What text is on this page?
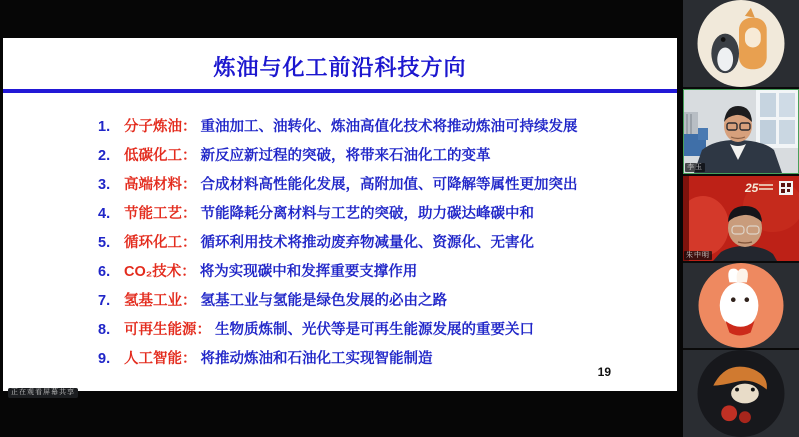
炼油与化工前沿科技方向
1. 分子炼油： 重油加工、油转化、炼油高值化技术将推动炼油可持续发展
2. 低碳化工： 新反应新过程的突破，将带来石油化工的变革
3. 高端材料： 合成材料高性能化发展，高附加值、可降解等属性更加突出
4. 节能工艺： 节能降耗分离材料与工艺的突破，助力碳达峰碳中和
5. 循环化工： 循环利用技术将推动废弃物减量化、资源化、无害化
6. CO₂技术： 将为实现碳中和发挥重要支撑作用
7. 氢基工业： 氢基工业与氢能是绿色发展的必由之路
8. 可再生能源： 生物质炼制、光伏等是可再生能源发展的重要关口
9. 人工智能： 将推动炼油和石油化工实现智能制造
19
正在观看屏幕共享
李玉
25
朱中明
